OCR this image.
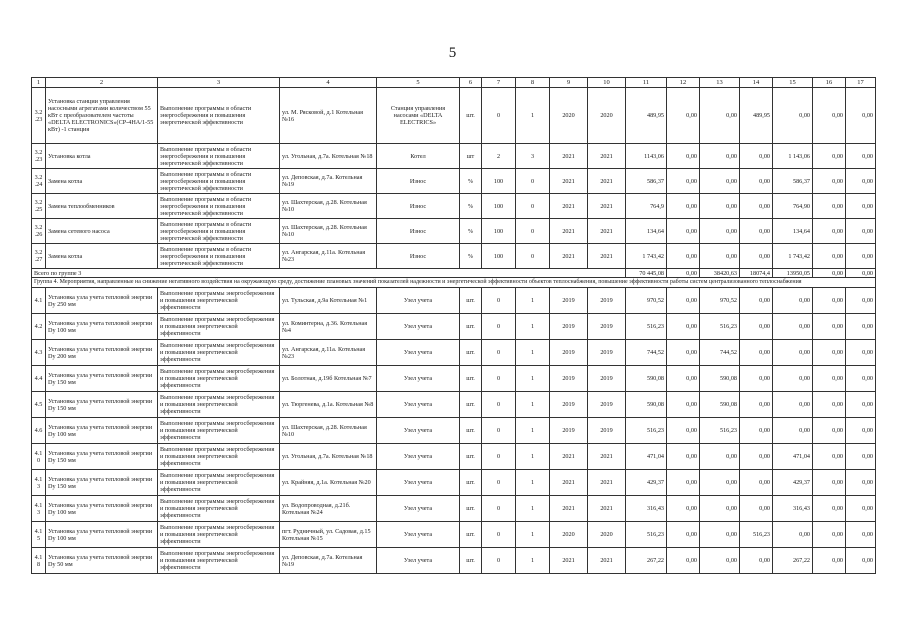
5
1	2	3	4	5	6	7	8	9	10	11	12	13	14	15	16	17
3.2.23	Установка станции управления насосными агрегатами количеством 55 кВт с преобразователем частоты «DELTA ELECTRONICS»(CP-4HA/1-55 кВт) -1 станция	Выполнение программы в области энергосбережения и повышения энергетической эффективности	ул. М. Рясковой, д.1 Котельная №16	Станция управления насосами «DELTA ELECTRICS»	шт.	0	1	2020	2020	489,95	0,00	0,00	489,95	0,00	0,00	0,00
3.2.23	Установка котла	Выполнение программы в области энергосбережения и повышения энергетической эффективности	ул. Угольная, д.7а. Котельная №18	Котел	шт	2	3	2021	2021	1143,06	0,00	0,00	0,00	1 143,06	0,00	0,00
3.2.24	Замена котла	Выполнение программы в области энергосбережения и повышения энергетической эффективности	ул. Деповская, д.7а. Котельная №19	Износ	%	100	0	2021	2021	586,37	0,00	0,00	0,00	586,37	0,00	0,00
3.2.25	Замена теплообменников	Выполнение программы в области энергосбережения и повышения энергетической эффективности	ул. Шахтерская, д.28. Котельная №10	Износ	%	100	0	2021	2021	764,9	0,00	0,00	0,00	764,90	0,00	0,00
3.2.26	Замена сетевого насоса	Выполнение программы в области энергосбережения и повышения энергетической эффективности	ул. Шахтерская, д.28. Котельная №10	Износ	%	100	0	2021	2021	134,64	0,00	0,00	0,00	134,64	0,00	0,00
3.2.27	Замена котла	Выполнение программы в области энергосбережения и повышения энергетической эффективности	ул. Ангарская, д.11а. Котельная №23	Износ	%	100	0	2021	2021	1 743,42	0,00	0,00	0,00	1 743,42	0,00	0,00
Всего по группе 3										70 445,08	0,00	38420,63	18074,4	13950,05	0,00	0,00
Группа 4. Мероприятия, направленные на снижение негативного воздействия на окружающую среду, достижение плановых значений показателей надежности и энергетической эффективности объектов теплоснабжения, повышение эффективности работы систем централизованного теплоснабжения																
4.1	Установка узла учета тепловой энергии Dy 250 мм	Выполнение программы энергосбережения и повышения энергетической эффективности	ул. Тульская, д.9а Котельная №1	Узел учета	шт.	0	1	2019	2019	970,52	0,00	970,52	0,00	0,00	0,00	0,00
4.2	Установка узла учета тепловой энергии Dy 100 мм	Выполнение программы энергосбережения и повышения энергетической эффективности	ул. Коминтерна, д.36. Котельная №4	Узел учета	шт.	0	1	2019	2019	516,23	0,00	516,23	0,00	0,00	0,00	0,00
4.3	Установка узла учета тепловой энергии Dy 200 мм	Выполнение программы энергосбережения и повышения энергетической эффективности	ул. Ангарская, д.11а. Котельная №23	Узел учета	шт.	0	1	2019	2019	744,52	0,00	744,52	0,00	0,00	0,00	0,00
4.4	Установка узла учета тепловой энергии Dy 150 мм	Выполнение программы энергосбережения и повышения энергетической эффективности	ул. Болотная, д.19б Котельная №7	Узел учета	шт.	0	1	2019	2019	590,08	0,00	590,08	0,00	0,00	0,00	0,00
4.5	Установка узла учета тепловой энергии Dy 150 мм	Выполнение программы энергосбережения и повышения энергетической эффективности	ул. Тюргенева, д.1а. Котельная №8	Узел учета	шт.	0	1	2019	2019	590,08	0,00	590,08	0,00	0,00	0,00	0,00
4.6	Установка узла учета тепловой энергии Dy 100 мм	Выполнение программы энергосбережения и повышения энергетической эффективности	ул. Шахтерская, д.28. Котельная №10	Узел учета	шт.	0	1	2019	2019	516,23	0,00	516,23	0,00	0,00	0,00	0,00
4.10	Установка узла учета тепловой энергии Dy 150 мм	Выполнение программы энергосбережения и повышения энергетической эффективности	ул. Угольная, д.7а. Котельная №18	Узел учета	шт.	0	1	2021	2021	471,04	0,00	0,00	0,00	471,04	0,00	0,00
4.13	Установка узла учета тепловой энергии Dy 150 мм	Выполнение программы энергосбережения и повышения энергетической эффективности	ул. Крайняя, д.1а. Котельная №20	Узел учета	шт.	0	1	2021	2021	429,37	0,00	0,00	0,00	429,37	0,00	0,00
4.13	Установка узла учета тепловой энергии Dy 100 мм	Выполнение программы энергосбережения и повышения энергетической эффективности	ул. Водопроводная, д.21б. Котельная №24	Узел учета	шт.	0	1	2021	2021	316,43	0,00	0,00	0,00	316,43	0,00	0,00
4.15	Установка узла учета тепловой энергии Dy 100 мм	Выполнение программы энергосбережения и повышения энергетической эффективности	пгт. Рудничный, ул. Садовая, д.15 Котельная №15	Узел учета	шт.	0	1	2020	2020	516,23	0,00	0,00	516,23	0,00	0,00	0,00
4.18	Установка узла учета тепловой энергии Dy 50 мм	Выполнение программы энергосбережения и повышения энергетической эффективности	ул. Деповская, д.7а. Котельная №19	Узел учета	шт.	0	1	2021	2021	267,22	0,00	0,00	0,00	267,22	0,00	0,00
